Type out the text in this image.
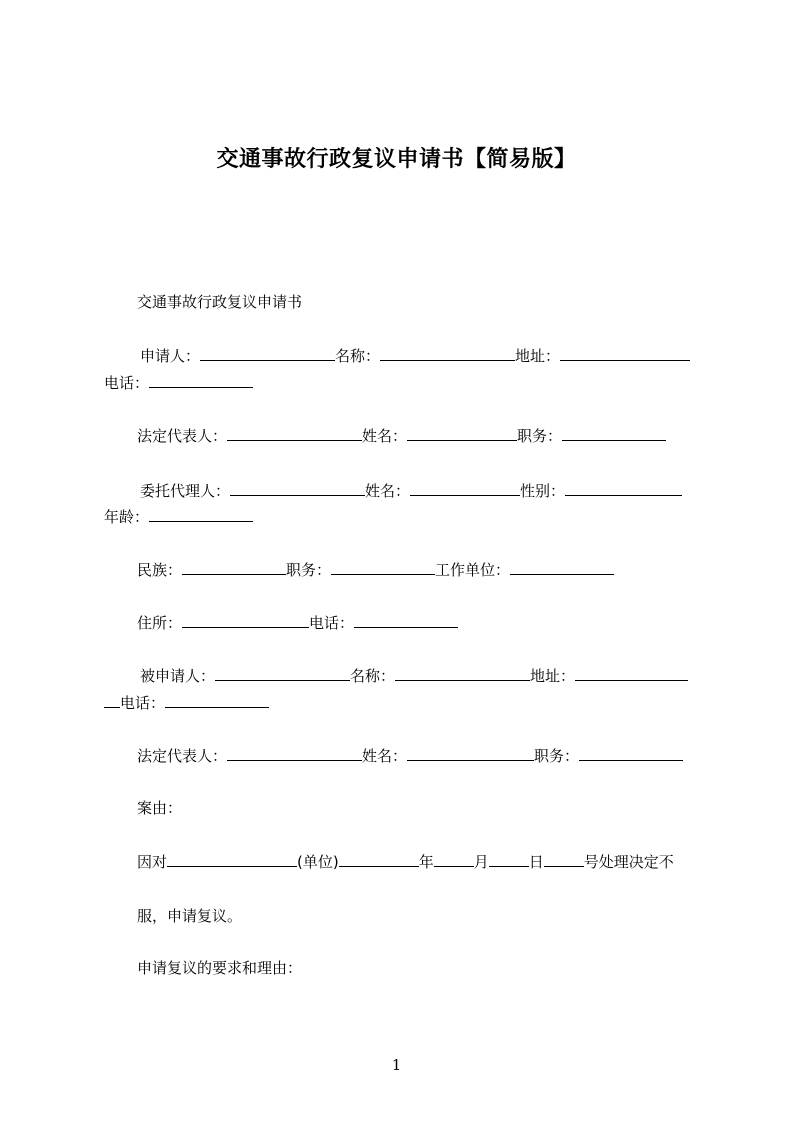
交通事故行政复议申请书【简易版】
交通事故行政复议申请书
申请人：	名称：	地址：
电话：
法定代表人：	姓名：	职务：
委托代理人：	姓名：	性别：
年龄：
民族：	职务：	工作单位：
住所：	电话：
被申请人：	名称：	地址：
电话：
法定代表人：	姓名：	职务：
案由：
因对	(单位)	年	月	日	号处理决定不
服，申请复议。
申请复议的要求和理由：
1
